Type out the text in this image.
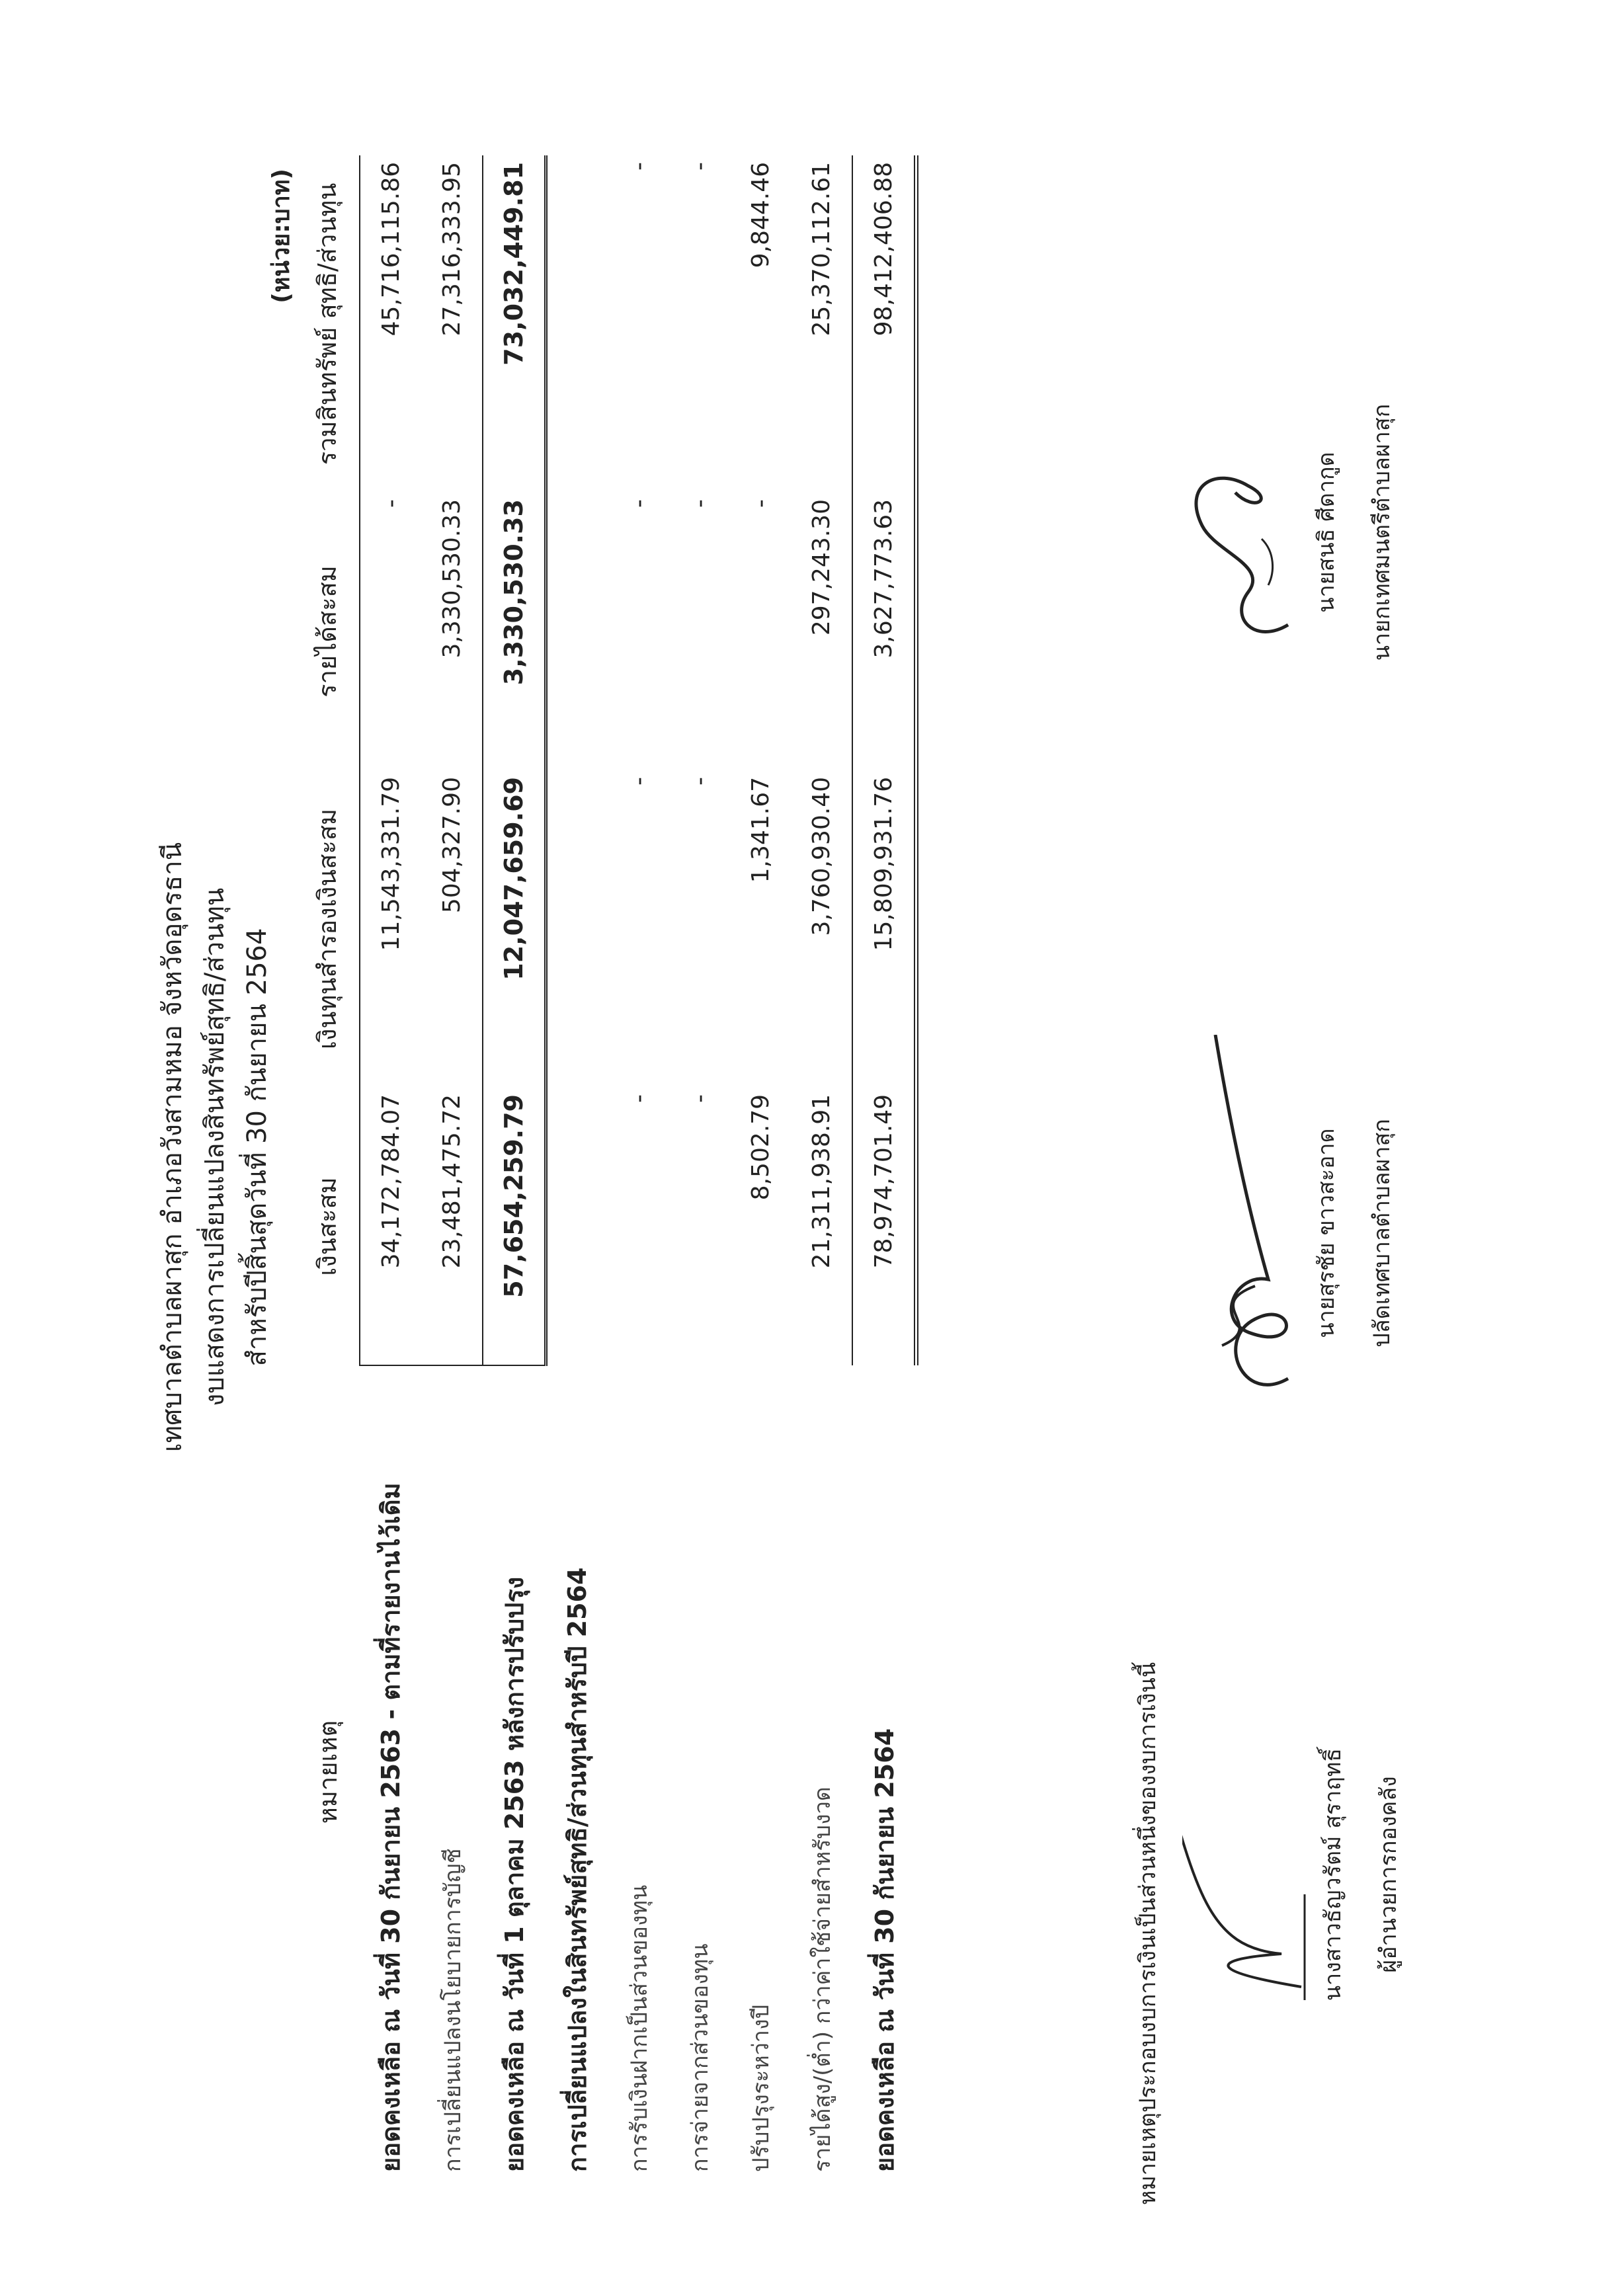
เทศบาลตำบลผาสุก อำเภอวังสามหมอ จังหวัดอุดรธานี งบแสดงการเปลี่ยนแปลงสินทรัพย์สุทธิ/ส่วนทุน สำหรับปีสิ้นสุดวันที่ 30 กันยายน 2564
(หน่วย:บาท)
หมายเหตุ	เงินสะสม	เงินทุนสำรองเงินสะสม	รายได้สะสม	รวมสินทรัพย์ สุทธิ/ส่วนทุน
ยอดคงเหลือ ณ วันที่ 30 กันยายน 2563 - ตามที่รายงานไว้เดิม	34,172,784.07	11,543,331.79	-	45,716,115.86
การเปลี่ยนแปลงนโยบายการบัญชี	23,481,475.72	504,327.90	3,330,530.33	27,316,333.95
ยอดคงเหลือ ณ วันที่ 1 ตุลาคม 2563 หลังการปรับปรุง	57,654,259.79	12,047,659.69	3,330,530.33	73,032,449.81
การเปลี่ยนแปลงในสินทรัพย์สุทธิ/ส่วนทุนสำหรับปี 2564				
การรับเงินฝากเป็นส่วนของทุน	-	-	-	-
การจ่ายจากส่วนของทุน	-	-	-	-
ปรับปรุงระหว่างปี	8,502.79	1,341.67	-	9,844.46
รายได้สูง/(ต่ำ) กว่าค่าใช้จ่ายสำหรับงวด	21,311,938.91	3,760,930.40	297,243.30	25,370,112.61
ยอดคงเหลือ ณ วันที่ 30 กันยายน 2564	78,974,701.49	15,809,931.76	3,627,773.63	98,412,406.88
หมายเหตุประกอบงบการเงินเป็นส่วนหนึ่งของงบการเงินนี้	นางสาวธัญวรัตม์ สุราฤทธิ์ ผู้อำนวยการกองคลัง
นายสุรชัย ขาวสะอาด ปลัดเทศบาลตำบลผาสุก
นายสนธิ ศีดากูด นายกเทศมนตรีตำบลผาสุก
